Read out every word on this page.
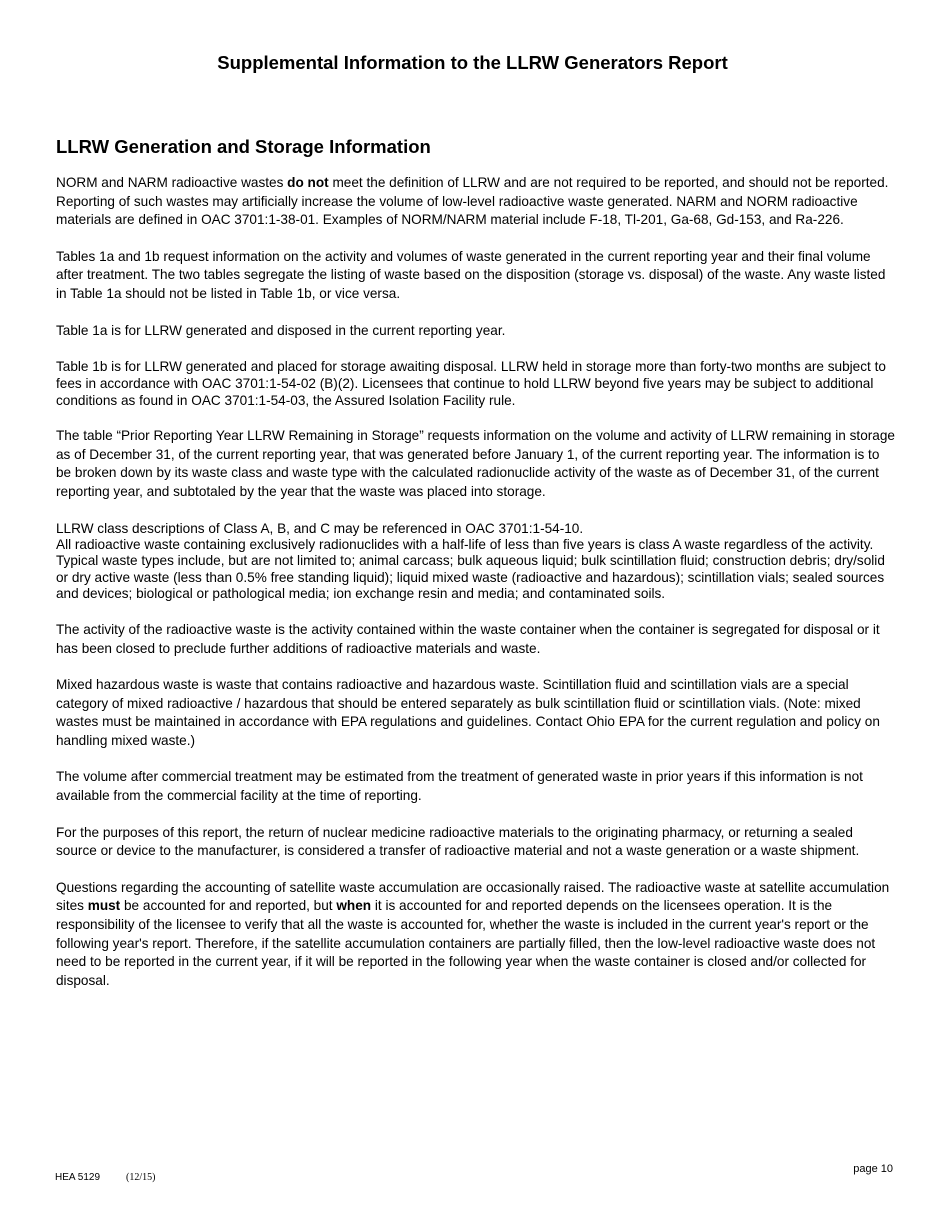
Supplemental Information to the LLRW Generators Report
LLRW Generation and Storage Information

NORM and NARM radioactive wastes do not meet the definition of LLRW and are not required to be reported, and should not be reported. Reporting of such wastes may artificially increase the volume of low-level radioactive waste generated. NARM and NORM radioactive materials are defined in OAC 3701:1-38-01. Examples of NORM/NARM material include F-18, Tl-201, Ga-68, Gd-153, and Ra-226.

Tables 1a and 1b request information on the activity and volumes of waste generated in the current reporting year and their final volume after treatment. The two tables segregate the listing of waste based on the disposition (storage vs. disposal) of the waste. Any waste listed in Table 1a should not be listed in Table 1b, or vice versa.

Table 1a is for LLRW generated and disposed in the current reporting year.

Table 1b is for LLRW generated and placed for storage awaiting disposal. LLRW held in storage more than forty-two months are subject to fees in accordance with OAC 3701:1-54-02 (B)(2). Licensees that continue to hold LLRW beyond five years may be subject to additional conditions as found in OAC 3701:1-54-03, the Assured Isolation Facility rule.

The table “Prior Reporting Year LLRW Remaining in Storage” requests information on the volume and activity of LLRW remaining in storage as of December 31, of the current reporting year, that was generated before January 1, of the current reporting year. The information is to be broken down by its waste class and waste type with the calculated radionuclide activity of the waste as of December 31, of the current reporting year, and subtotaled by the year that the waste was placed into storage.

LLRW class descriptions of Class A, B, and C may be referenced in OAC 3701:1-54-10.

All radioactive waste containing exclusively radionuclides with a half-life of less than five years is class A waste regardless of the activity. Typical waste types include, but are not limited to; animal carcass; bulk aqueous liquid; bulk scintillation fluid; construction debris; dry/solid or dry active waste (less than 0.5% free standing liquid); liquid mixed waste (radioactive and hazardous); scintillation vials; sealed sources and devices; biological or pathological media; ion exchange resin and media; and contaminated soils.

The activity of the radioactive waste is the activity contained within the waste container when the container is segregated for disposal or it has been closed to preclude further additions of radioactive materials and waste.

Mixed hazardous waste is waste that contains radioactive and hazardous waste. Scintillation fluid and scintillation vials are a special category of mixed radioactive / hazardous that should be entered separately as bulk scintillation fluid or scintillation vials. (Note: mixed wastes must be maintained in accordance with EPA regulations and guidelines. Contact Ohio EPA for the current regulation and policy on handling mixed waste.)

The volume after commercial treatment may be estimated from the treatment of generated waste in prior years if this information is not available from the commercial facility at the time of reporting.

For the purposes of this report, the return of nuclear medicine radioactive materials to the originating pharmacy, or returning a sealed source or device to the manufacturer, is considered a transfer of radioactive material and not a waste generation or a waste shipment.

Questions regarding the accounting of satellite waste accumulation are occasionally raised. The radioactive waste at satellite accumulation sites must be accounted for and reported, but when it is accounted for and reported depends on the licensees operation. It is the responsibility of the licensee to verify that all the waste is accounted for, whether the waste is included in the current year's report or the following year's report. Therefore, if the satellite accumulation containers are partially filled, then the low-level radioactive waste does not need to be reported in the current year, if it will be reported in the following year when the waste container is closed and/or collected for disposal.

HEA 5129	(12/15)
page 10
